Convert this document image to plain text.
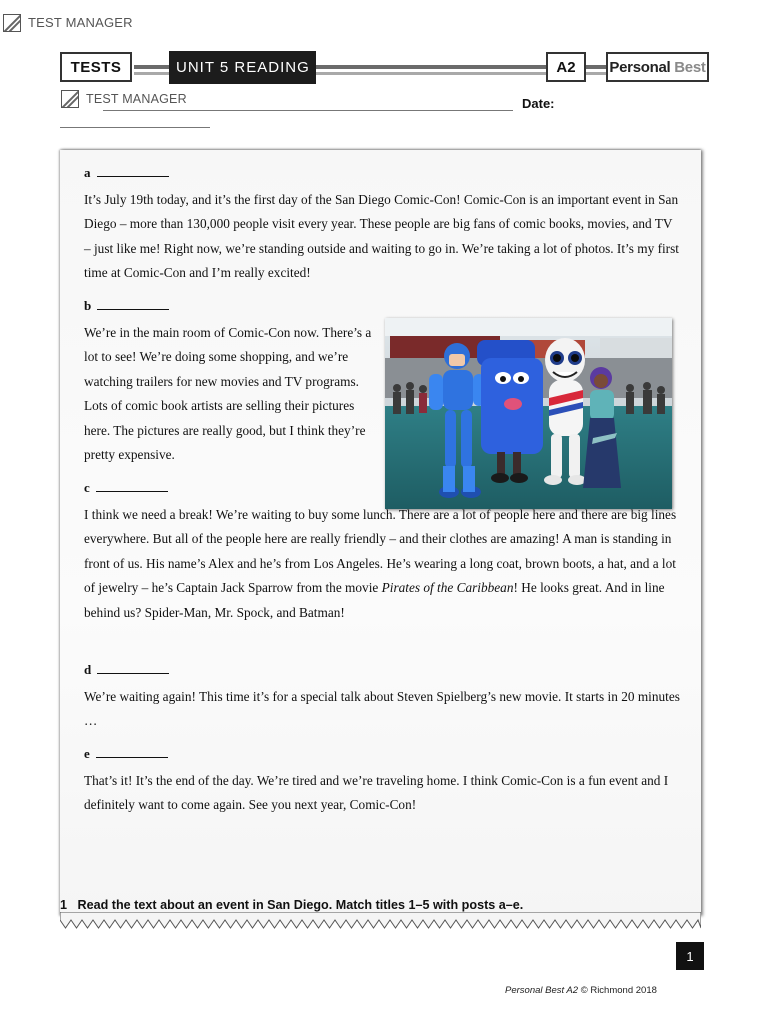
TEST MANAGER
TESTS	UNIT 5 READING	A2	Personal
Best
TEST MANAGER	Date:
a
It’s July 19th today, and it’s the first day of the San Diego Comic-Con! Comic-Con is an important event in San Diego – more than 130,000 people visit every year. These people are big fans of comic books, movies, and TV – just like me! Right now, we’re standing outside and waiting to go in. We’re taking a lot of photos. It’s my first time at Comic-Con and I’m really excited!
b
We’re in the main room of Comic-Con now. There’s a lot to see! We’re doing some shopping, and we’re watching trailers for new movies and TV programs. Lots of comic book artists are selling their pictures here. The pictures are really good, but I think they’re pretty expensive.
c
I think we need a break! We’re waiting to buy some lunch. There are a lot of people here and there are big lines everywhere. But all of the people here are really friendly – and their clothes are amazing! A man is standing in front of us. His name’s Alex and he’s from Los Angeles. He’s wearing a long coat, brown boots, a hat, and a lot of jewelry – he’s Captain Jack Sparrow from the movie Pirates of the Caribbean! He looks great. And in line behind us? Spider-Man, Mr. Spock, and Batman!
d
We’re waiting again! This time it’s for a special talk about Steven Spielberg’s new movie. It starts in 20 minutes …
e
That’s it! It’s the end of the day. We’re tired and we’re traveling home. I think Comic-Con is a fun event and I definitely want to come again. See you next year, Comic-Con!
1   Read the text about an event in San Diego. Match titles 1–5 with posts a–e.
1
Personal Best A2 © Richmond 2018
